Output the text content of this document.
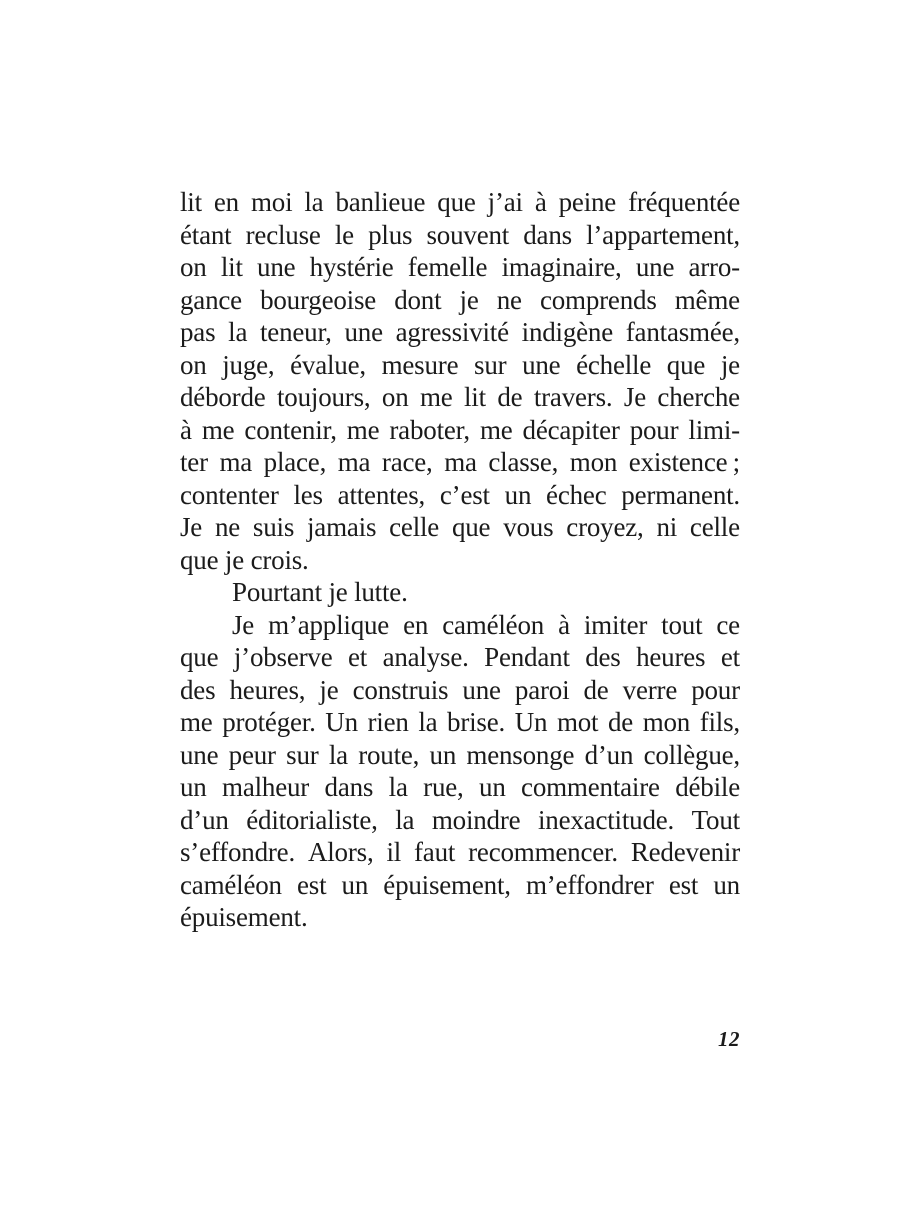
lit en moi la banlieue que j’ai à peine fréquentée
étant recluse le plus souvent dans l’appartement,
on lit une hystérie femelle imaginaire, une arro-
gance bourgeoise dont je ne comprends même
pas la teneur, une agressivité indigène fantasmée,
on juge, évalue, mesure sur une échelle que je
déborde toujours, on me lit de travers. Je cherche
à me contenir, me raboter, me décapiter pour limi-
ter ma place, ma race, ma classe, mon existence ;
contenter les attentes, c’est un échec permanent.
Je ne suis jamais celle que vous croyez, ni celle
que je crois.
Pourtant je lutte.
Je m’applique en caméléon à imiter tout ce
que j’observe et analyse. Pendant des heures et
des heures, je construis une paroi de verre pour
me protéger. Un rien la brise. Un mot de mon fils,
une peur sur la route, un mensonge d’un collègue,
un malheur dans la rue, un commentaire débile
d’un éditorialiste, la moindre inexactitude. Tout
s’effondre. Alors, il faut recommencer. Redevenir
caméléon est un épuisement, m’effondrer est un
épuisement.
12
